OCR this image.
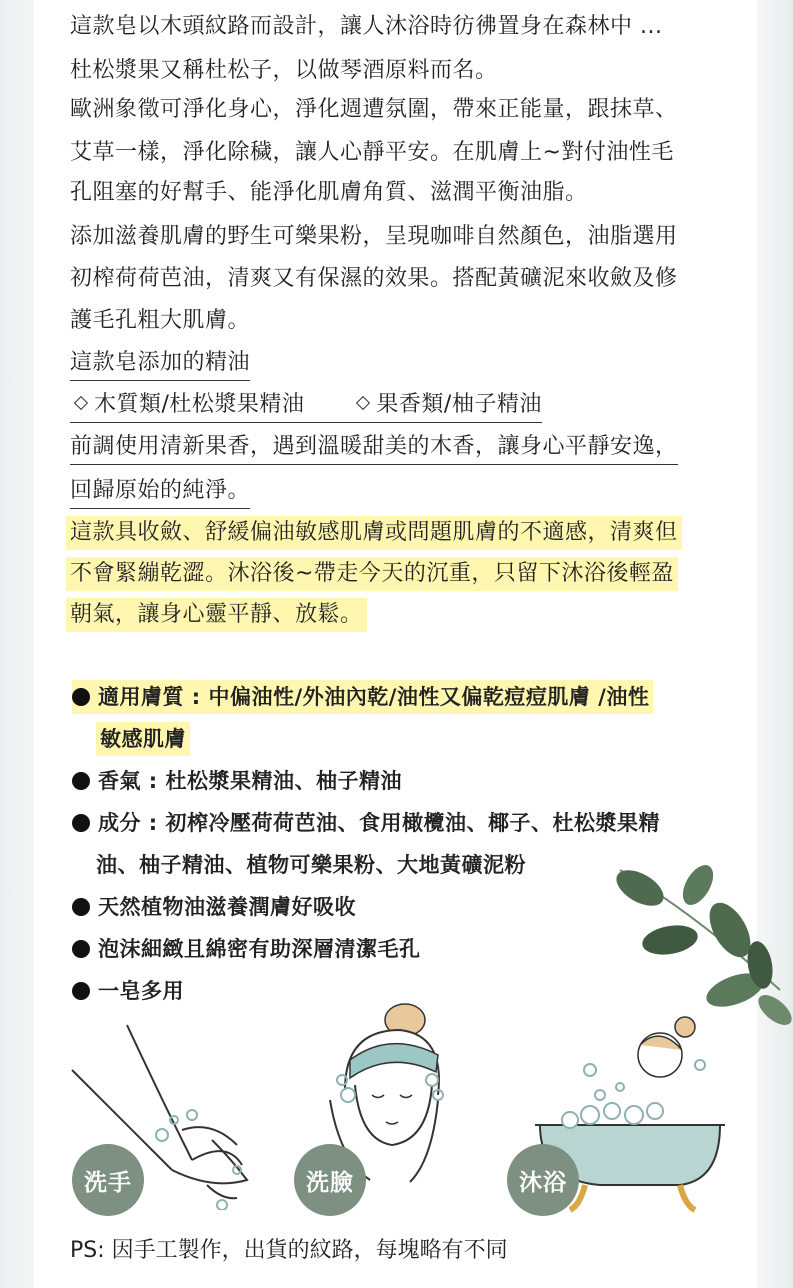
這款皂以木頭紋路而設計，讓人沐浴時彷彿置身在森林中 ...
杜松漿果又稱杜松子，以做琴酒原料而名。
歐洲象徵可淨化身心，淨化週遭氛圍，帶來正能量，跟抹草、
艾草一樣，淨化除穢，讓人心靜平安。在肌膚上~對付油性毛
孔阻塞的好幫手、能淨化肌膚角質、滋潤平衡油脂。
添加滋養肌膚的野生可樂果粉，呈現咖啡自然顏色，油脂選用
初榨荷荷芭油，清爽又有保濕的效果。搭配黃礦泥來收斂及修
護毛孔粗大肌膚。
這款皂添加的精油
木質類/杜松漿果精油	果香類/柚子精油
前調使用清新果香，遇到溫暖甜美的木香，讓身心平靜安逸，
回歸原始的純淨。
這款具收斂、舒緩偏油敏感肌膚或問題肌膚的不適感，清爽但
不會緊繃乾澀。沐浴後~帶走今天的沉重，只留下沐浴後輕盈
朝氣，讓身心靈平靜、放鬆。
適用膚質 : 中偏油性/外油內乾/油性又偏乾痘痘肌膚 /油性
敏感肌膚
香氣 : 杜松漿果精油、柚子精油
成分 : 初榨冷壓荷荷芭油、食用橄欖油、椰子、杜松漿果精
油、柚子精油、植物可樂果粉、大地黃礦泥粉
天然植物油滋養潤膚好吸收
泡沫細緻且綿密有助深層清潔毛孔
一皂多用
洗手	洗臉	沐浴
PS: 因手工製作，出貨的紋路，每塊略有不同
